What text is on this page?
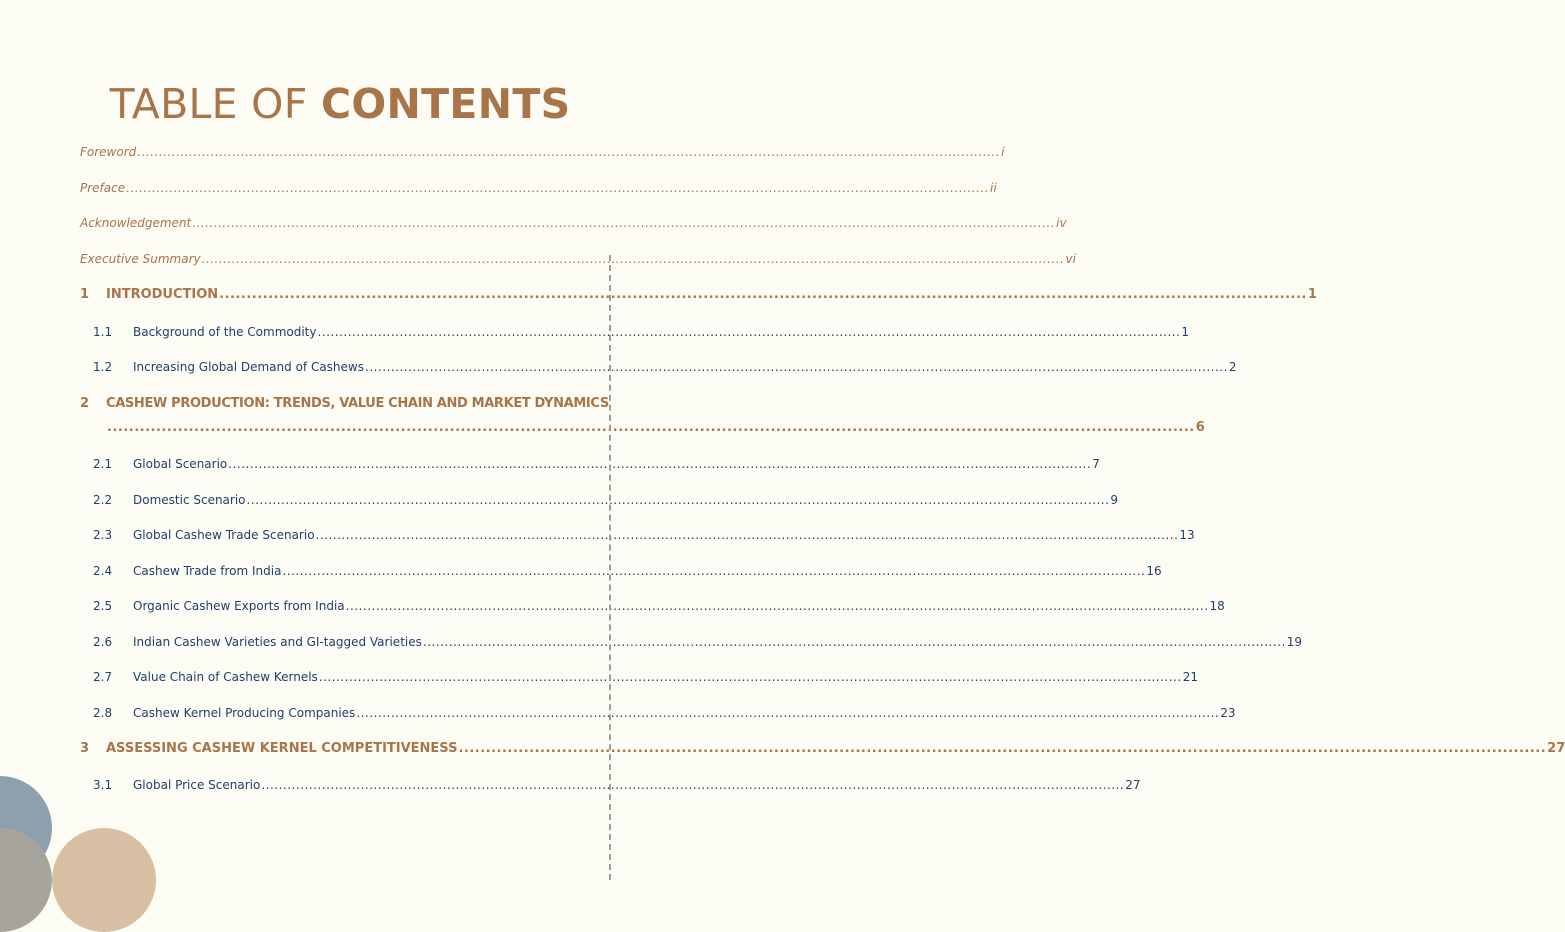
TABLE OF CONTENTS
Foreword ........................................................................................................................................................................................................ i
Preface ........................................................................................................................................................................................................ ii
Acknowledgement ........................................................................................................................................................................................................ iv
Executive Summary ........................................................................................................................................................................................................ vi
1	INTRODUCTION ........................................................................................................................................................................................................ 1
1.1	Background of the Commodity ........................................................................................................................................................................................................ 1
1.2	Increasing Global Demand of Cashews ........................................................................................................................................................................................................ 2
2	CASHEW PRODUCTION: TRENDS, VALUE CHAIN AND MARKET DYNAMICS
........................................................................................................................................................................................................ 6
2.1	Global Scenario ........................................................................................................................................................................................................ 7
2.2	Domestic Scenario ........................................................................................................................................................................................................ 9
2.3	Global Cashew Trade Scenario ........................................................................................................................................................................................................ 13
2.4	Cashew Trade from India ........................................................................................................................................................................................................ 16
2.5	Organic Cashew Exports from India ........................................................................................................................................................................................................ 18
2.6	Indian Cashew Varieties and GI-tagged Varieties ........................................................................................................................................................................................................ 19
2.7	Value Chain of Cashew Kernels ........................................................................................................................................................................................................ 21
2.8	Cashew Kernel Producing Companies ........................................................................................................................................................................................................ 23
3	ASSESSING CASHEW KERNEL COMPETITIVENESS ........................................................................................................................................................................................................ 27
3.1	Global Price Scenario ........................................................................................................................................................................................................ 27
